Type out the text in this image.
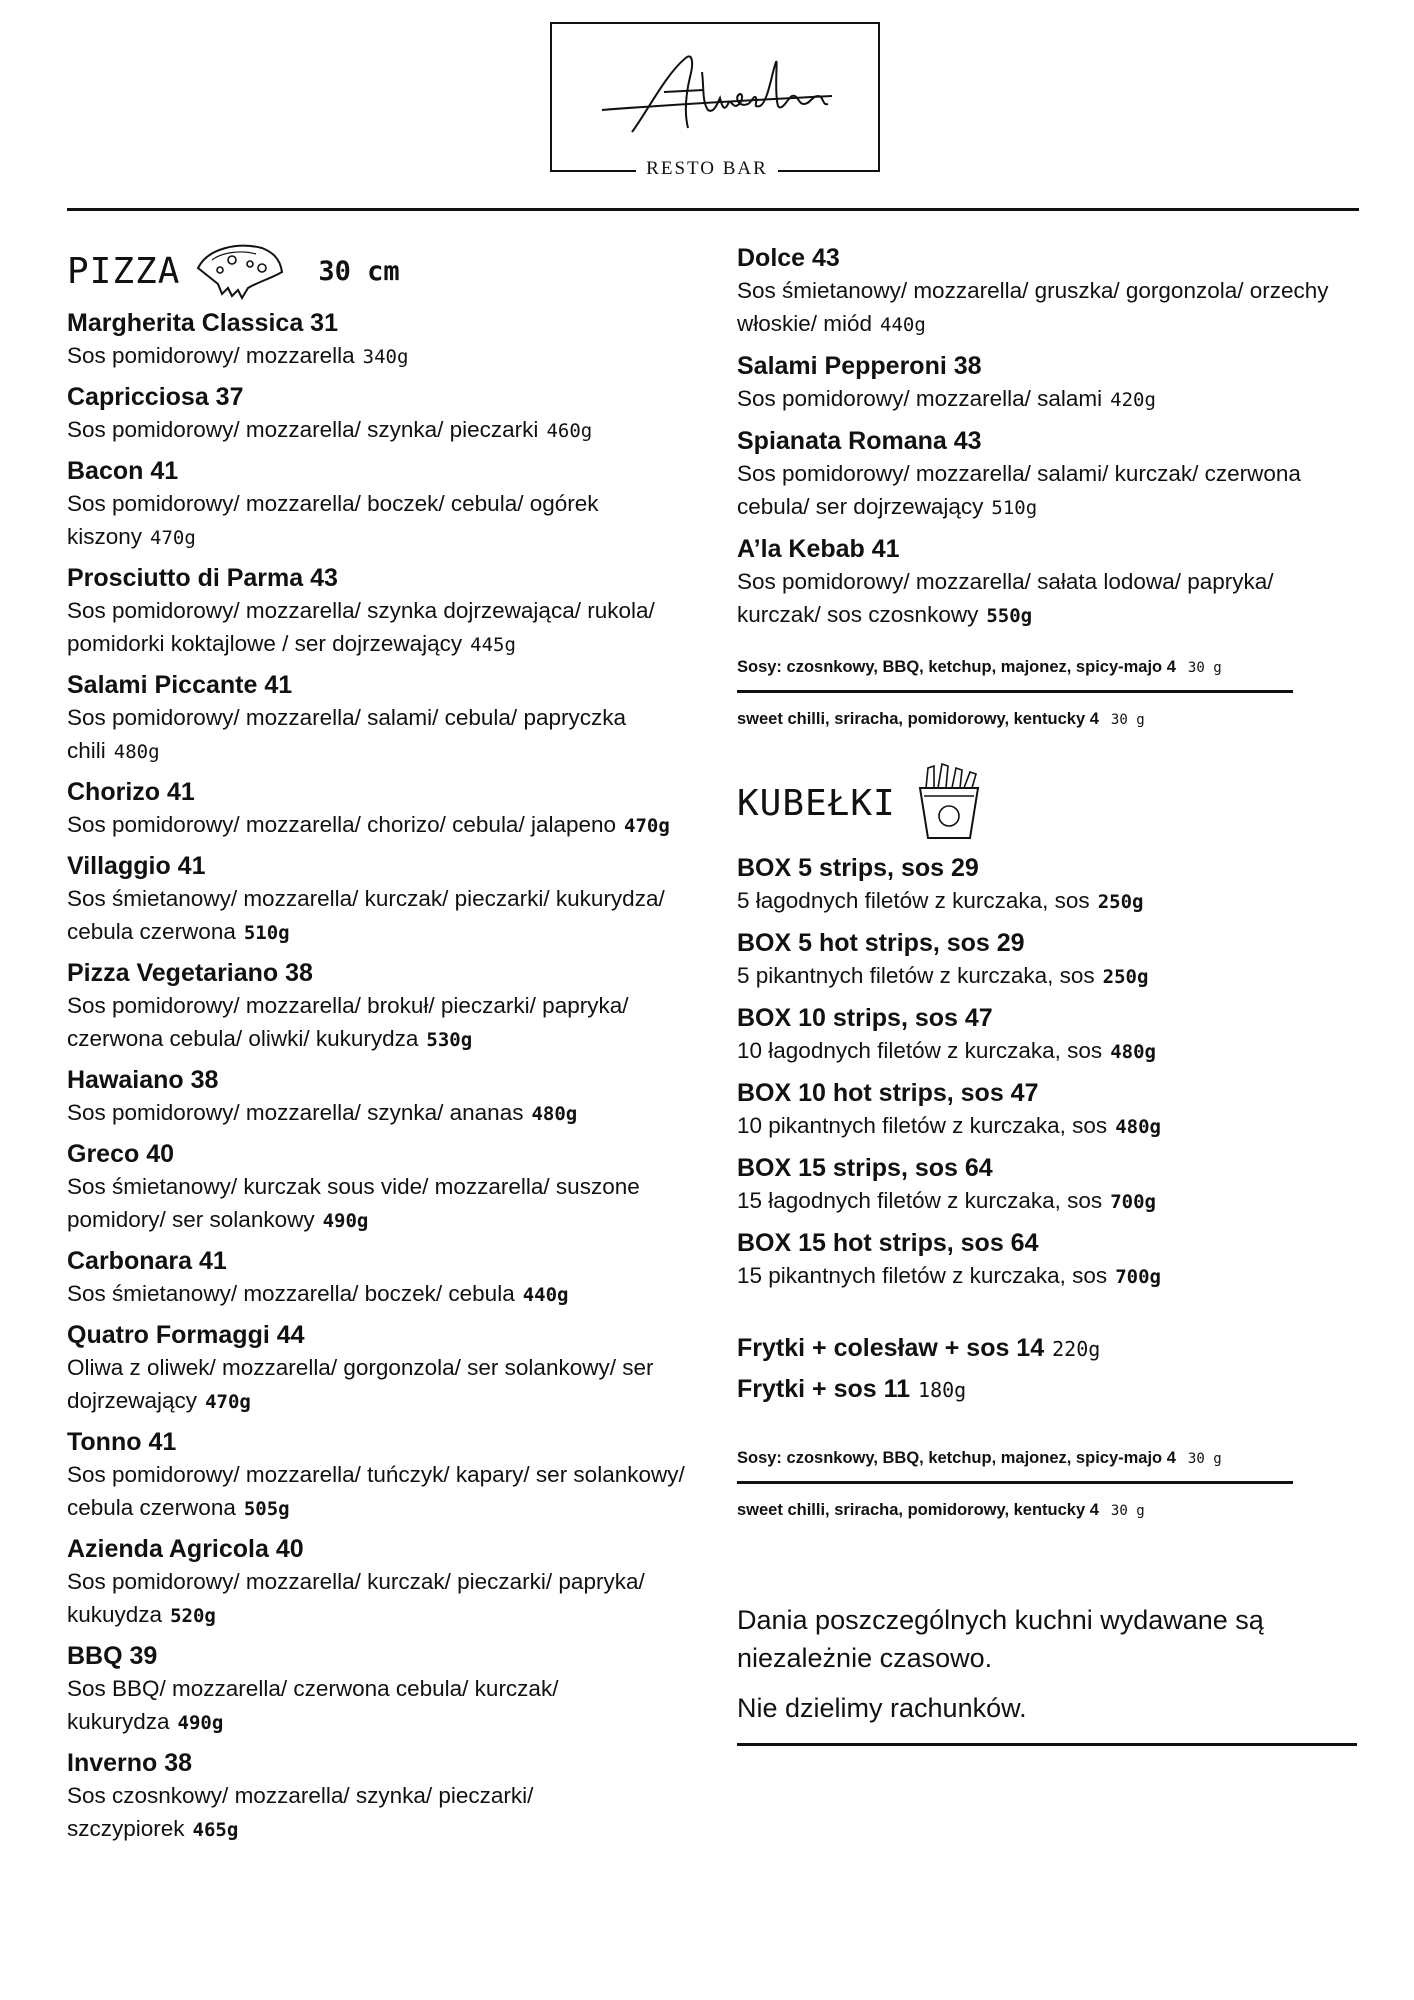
RESTO BAR
PIZZA	30 cm
Margherita Classica 31
Sos pomidorowy/ mozzarella 340g
Capricciosa 37
Sos pomidorowy/ mozzarella/ szynka/ pieczarki 460g
Bacon 41
Sos pomidorowy/ mozzarella/ boczek/ cebula/ ogórek kiszony 470g
Prosciutto di Parma 43
Sos pomidorowy/ mozzarella/ szynka dojrzewająca/ rukola/ pomidorki koktajlowe / ser dojrzewający 445g
Salami Piccante 41
Sos pomidorowy/ mozzarella/ salami/ cebula/ papryczka chili 480g
Chorizo 41
Sos pomidorowy/ mozzarella/ chorizo/ cebula/ jalapeno 470g
Villaggio 41
Sos śmietanowy/ mozzarella/ kurczak/ pieczarki/ kukurydza/ cebula czerwona 510g
Pizza Vegetariano 38
Sos pomidorowy/ mozzarella/ brokuł/ pieczarki/ papryka/ czerwona cebula/ oliwki/ kukurydza 530g
Hawaiano 38
Sos pomidorowy/ mozzarella/ szynka/ ananas 480g
Greco 40
Sos śmietanowy/ kurczak sous vide/ mozzarella/ suszone pomidory/ ser solankowy 490g
Carbonara 41
Sos śmietanowy/ mozzarella/ boczek/ cebula 440g
Quatro Formaggi 44
Oliwa z oliwek/ mozzarella/ gorgonzola/ ser solankowy/ ser dojrzewający 470g
Tonno 41
Sos pomidorowy/ mozzarella/ tuńczyk/ kapary/ ser solankowy/ cebula czerwona 505g
Azienda Agricola 40
Sos pomidorowy/ mozzarella/ kurczak/ pieczarki/ papryka/ kukuydza 520g
BBQ 39
Sos BBQ/ mozzarella/ czerwona cebula/ kurczak/ kukurydza 490g
Inverno 38
Sos czosnkowy/ mozzarella/ szynka/ pieczarki/ szczypiorek 465g
Dolce 43
Sos śmietanowy/ mozzarella/ gruszka/ gorgonzola/ orzechy włoskie/ miód 440g
Salami Pepperoni 38
Sos pomidorowy/ mozzarella/ salami 420g
Spianata Romana 43
Sos pomidorowy/ mozzarella/ salami/ kurczak/ czerwona cebula/ ser dojrzewający 510g
A’la Kebab 41
Sos pomidorowy/ mozzarella/ sałata lodowa/ papryka/ kurczak/ sos czosnkowy 550g
Sosy: czosnkowy, BBQ, ketchup, majonez, spicy-majo 4 30 g
sweet chilli, sriracha, pomidorowy, kentucky 4 30 g
KUBEŁKI
BOX 5 strips, sos 29
5 łagodnych filetów z kurczaka, sos 250g
BOX 5 hot strips, sos 29
5 pikantnych filetów z kurczaka, sos 250g
BOX 10 strips, sos 47
10 łagodnych filetów z kurczaka, sos 480g
BOX 10 hot strips, sos 47
10 pikantnych filetów z kurczaka, sos 480g
BOX 15 strips, sos 64
15 łagodnych filetów z kurczaka, sos 700g
BOX 15 hot strips, sos 64
15 pikantnych filetów z kurczaka, sos 700g
Frytki + colesław + sos 14 220g
Frytki + sos 11 180g
Sosy: czosnkowy, BBQ, ketchup, majonez, spicy-majo 4 30 g
sweet chilli, sriracha, pomidorowy, kentucky 4 30 g
Dania poszczególnych kuchni wydawane są niezależnie czasowo.
Nie dzielimy rachunków.
